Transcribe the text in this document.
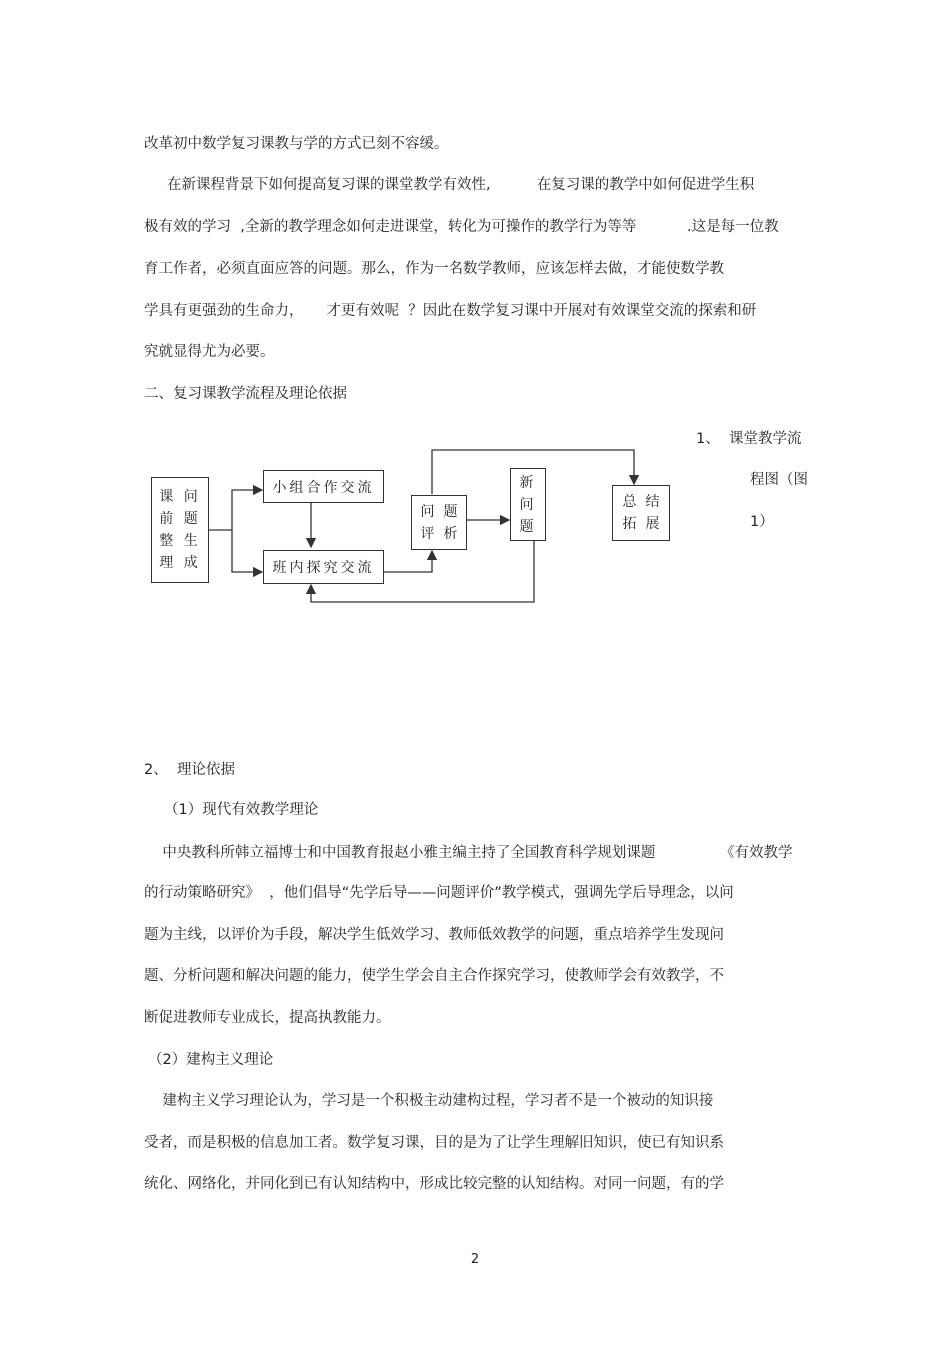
改革初中数学复习课教与学的方式已刻不容缓。
在新课程背景下如何提高复习课的课堂教学有效性,          在复习课的教学中如何促进学生积
极有效的学习  ,全新的教学理念如何走进课堂，转化为可操作的教学行为等等           .这是每一位教
育工作者，必须直面应答的问题。那么，作为一名数学教师，应该怎样去做，才能使数学教
学具有更强劲的生命力，     才更有效呢  ？因此在数学复习课中开展对有效课堂交流的探索和研
究就显得尤为必要。
二、复习课教学流程及理论依据
课 问
前 题
整 生
理 成
小组合作交流
班内探究交流
问  题
评  析
新
问
题
总  结
拓  展
1、  课堂教学流
程图（图
1）
2、  理论依据
（1）现代有效教学理论
中央教科所韩立福博士和中国教育报赵小雅主编主持了全国教育科学规划课题              《有效教学
的行动策略研究》  ，他们倡导“先学后导——问题评价”教学模式，强调先学后导理念，以问
题为主线，以评价为手段，解决学生低效学习、教师低效教学的问题，重点培养学生发现问
题、分析问题和解决问题的能力，使学生学会自主合作探究学习，使教师学会有效教学，不
断促进教师专业成长，提高执教能力。
（2）建构主义理论
建构主义学习理论认为，学习是一个积极主动建构过程，学习者不是一个被动的知识接
受者，而是积极的信息加工者。数学复习课，目的是为了让学生理解旧知识，使已有知识系
统化、网络化，并同化到已有认知结构中，形成比较完整的认知结构。对同一问题，有的学
2
